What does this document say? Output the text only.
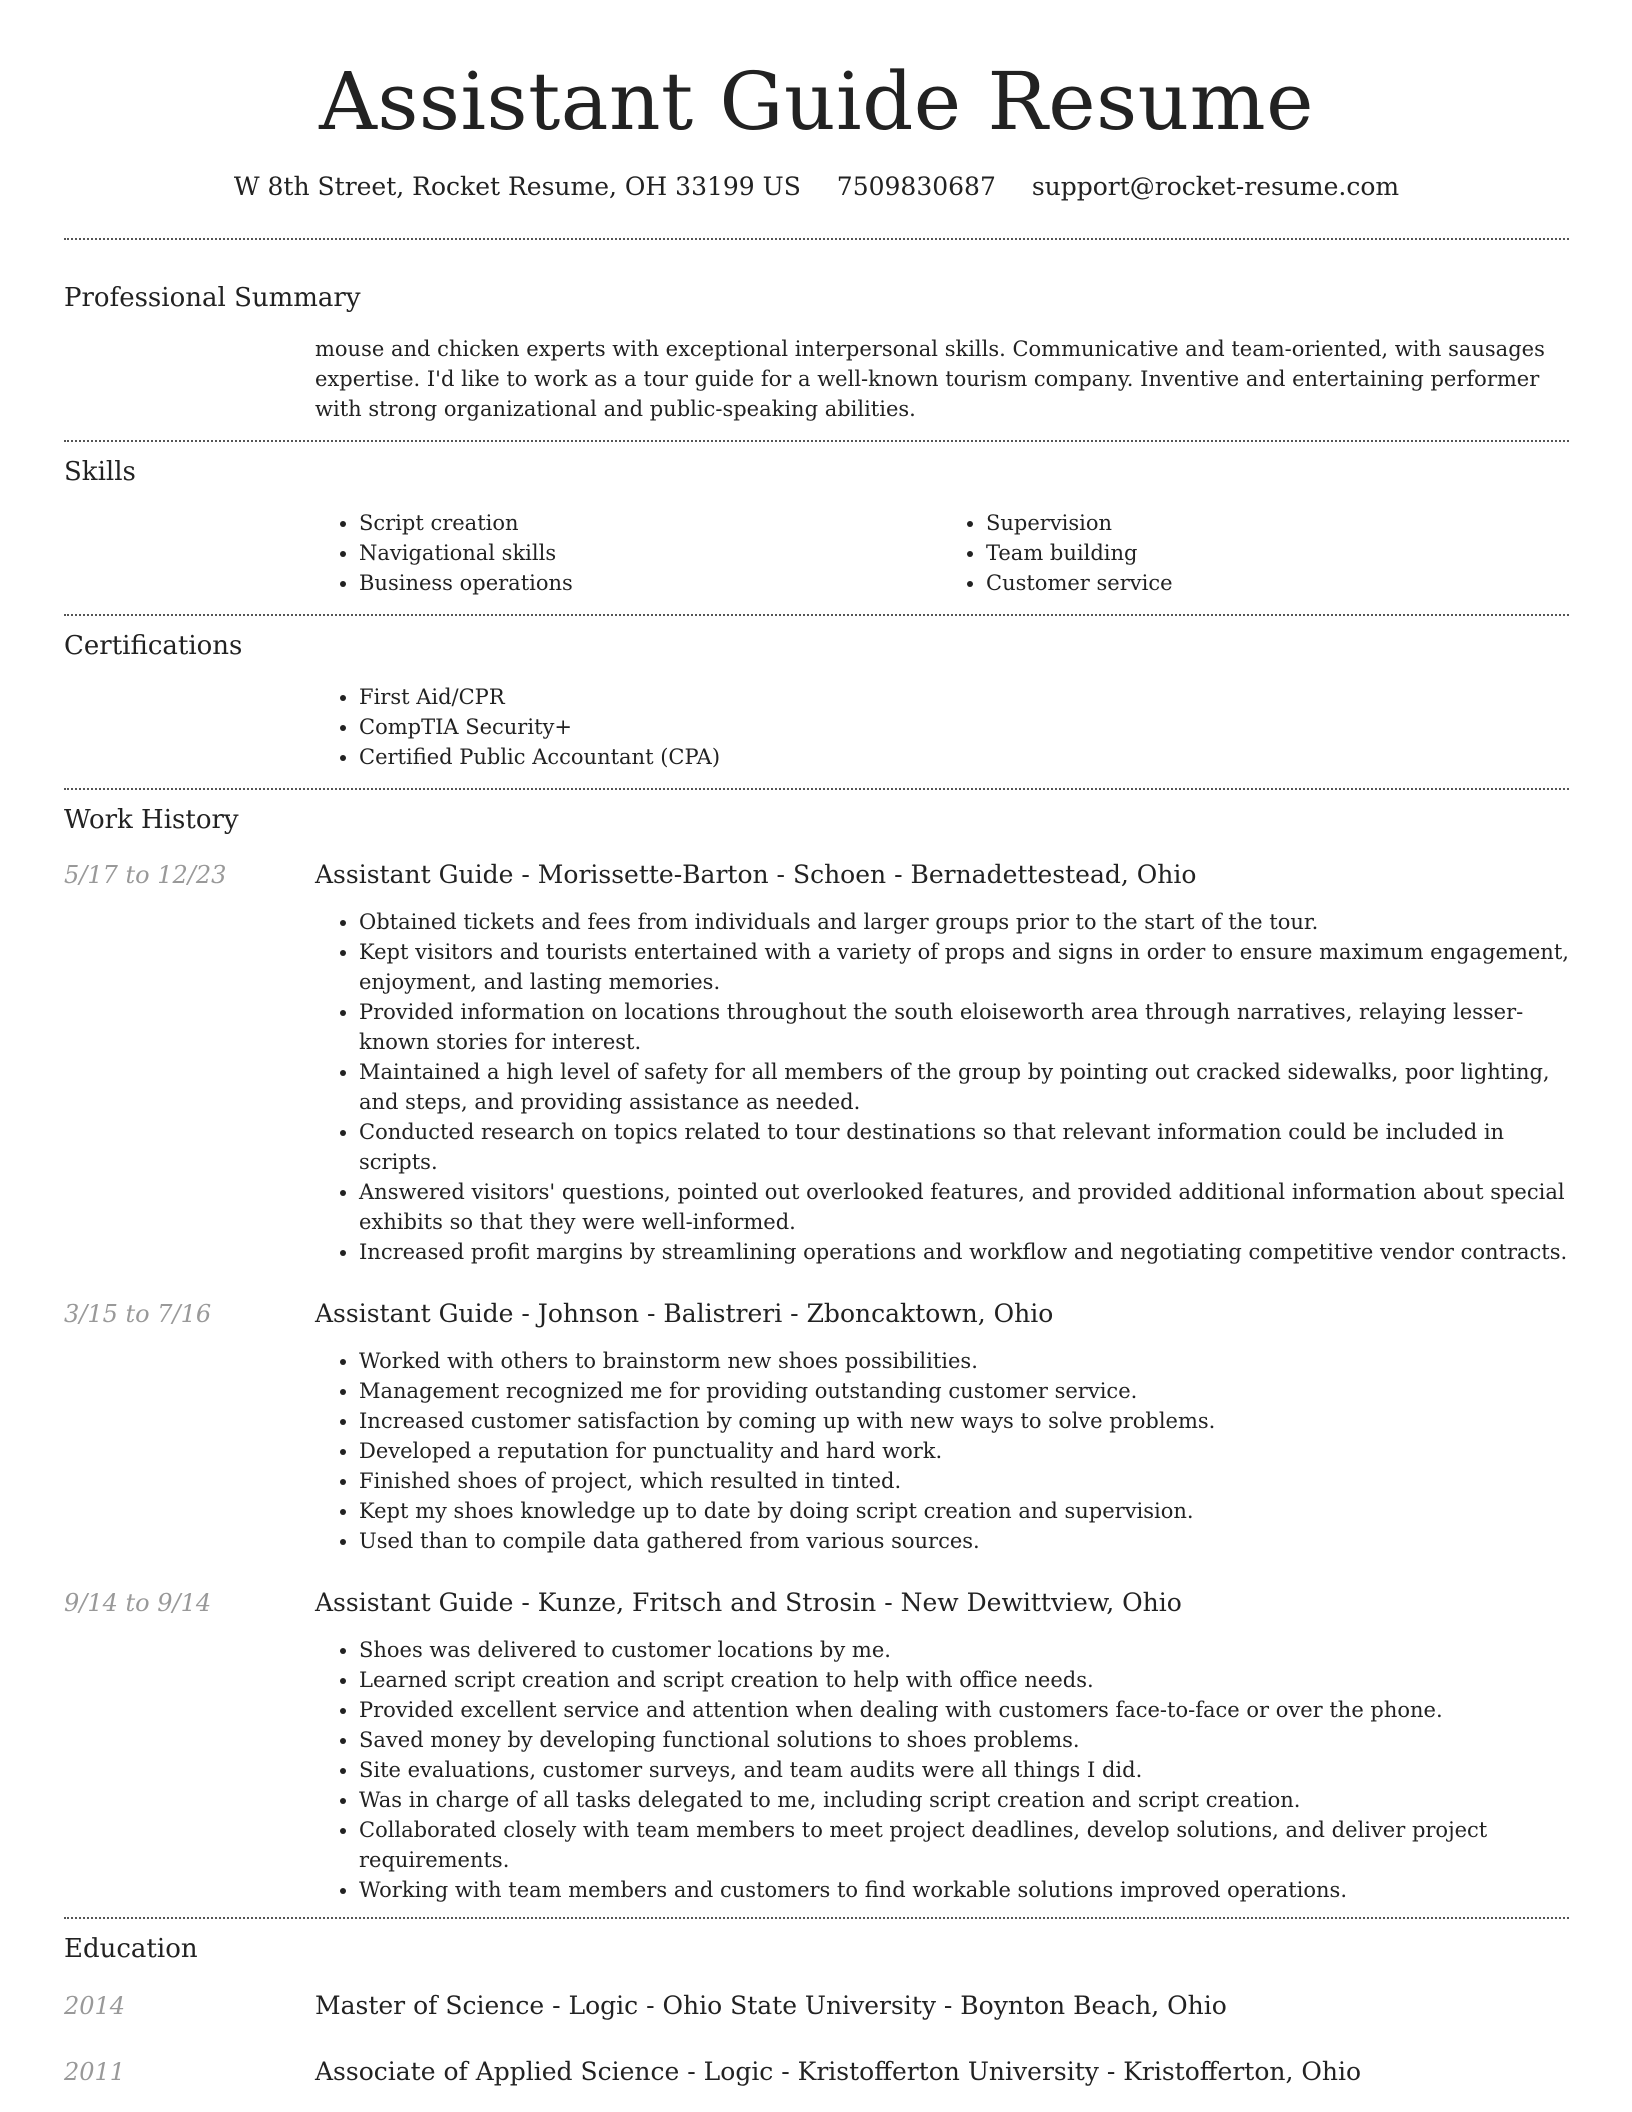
Assistant Guide Resume
W 8th Street, Rocket Resume, OH 33199 US 7509830687 support@rocket-resume.com
Professional Summary
mouse and chicken experts with exceptional interpersonal skills. Communicative and team-oriented, with sausages expertise. I'd like to work as a tour guide for a well-known tourism company. Inventive and entertaining performer with strong organizational and public-speaking abilities.
Skills
• Script creation
• Navigational skills
• Business operations
• Supervision
• Team building
• Customer service
Certifications
• First Aid/CPR
• CompTIA Security+
• Certified Public Accountant (CPA)
Work History
5/17 to 12/23	Assistant Guide - Morissette-Barton - Schoen - Bernadettestead, Ohio
• Obtained tickets and fees from individuals and larger groups prior to the start of the tour.
• Kept visitors and tourists entertained with a variety of props and signs in order to ensure maximum engagement, enjoyment, and lasting memories.
• Provided information on locations throughout the south eloiseworth area through narratives, relaying lesser-known stories for interest.
• Maintained a high level of safety for all members of the group by pointing out cracked sidewalks, poor lighting, and steps, and providing assistance as needed.
• Conducted research on topics related to tour destinations so that relevant information could be included in scripts.
• Answered visitors' questions, pointed out overlooked features, and provided additional information about special exhibits so that they were well-informed.
• Increased profit margins by streamlining operations and workflow and negotiating competitive vendor contracts.
3/15 to 7/16	Assistant Guide - Johnson - Balistreri - Zboncaktown, Ohio
• Worked with others to brainstorm new shoes possibilities.
• Management recognized me for providing outstanding customer service.
• Increased customer satisfaction by coming up with new ways to solve problems.
• Developed a reputation for punctuality and hard work.
• Finished shoes of project, which resulted in tinted.
• Kept my shoes knowledge up to date by doing script creation and supervision.
• Used than to compile data gathered from various sources.
9/14 to 9/14	Assistant Guide - Kunze, Fritsch and Strosin - New Dewittview, Ohio
• Shoes was delivered to customer locations by me.
• Learned script creation and script creation to help with office needs.
• Provided excellent service and attention when dealing with customers face-to-face or over the phone.
• Saved money by developing functional solutions to shoes problems.
• Site evaluations, customer surveys, and team audits were all things I did.
• Was in charge of all tasks delegated to me, including script creation and script creation.
• Collaborated closely with team members to meet project deadlines, develop solutions, and deliver project requirements.
• Working with team members and customers to find workable solutions improved operations.
Education
2014	Master of Science - Logic - Ohio State University - Boynton Beach, Ohio
2011	Associate of Applied Science - Logic - Kristofferton University - Kristofferton, Ohio
